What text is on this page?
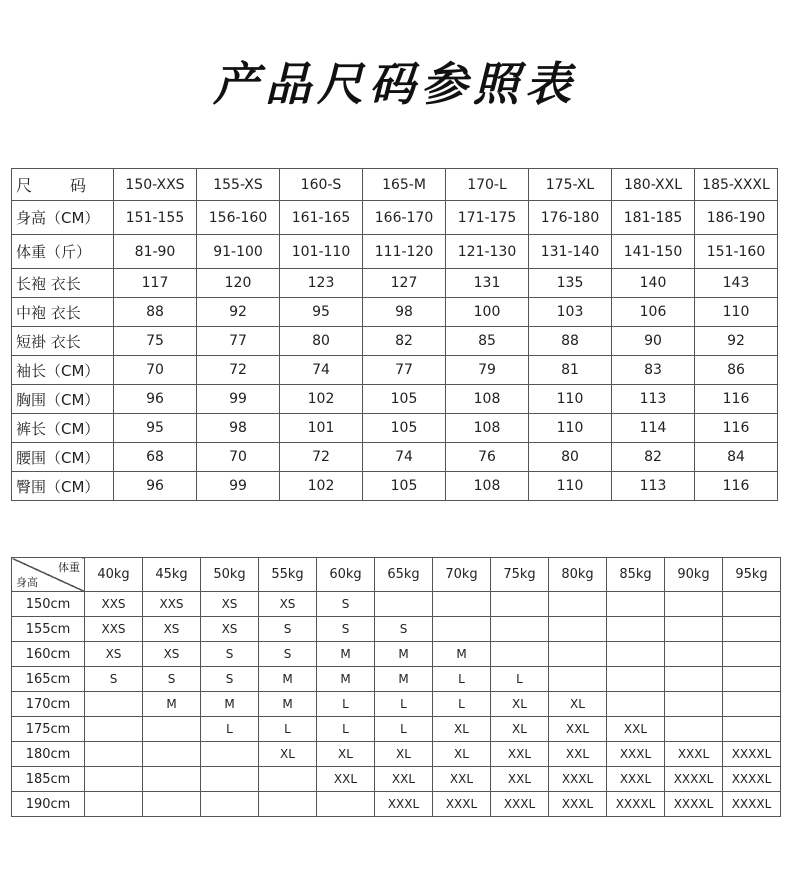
产品尺码参照表
尺　　码	150-XXS	155-XS	160-S	165-M	170-L	175-XL	180-XXL	185-XXXL
身高（CM）	151-155	156-160	161-165	166-170	171-175	176-180	181-185	186-190
体重（斤）	81-90	91-100	101-110	111-120	121-130	131-140	141-150	151-160
长袍 衣长	117	120	123	127	131	135	140	143
中袍 衣长	88	92	95	98	100	103	106	110
短褂 衣长	75	77	80	82	85	88	90	92
袖长（CM）	70	72	74	77	79	81	83	86
胸围（CM）	96	99	102	105	108	110	113	116
裤长（CM）	95	98	101	105	108	110	114	116
腰围（CM）	68	70	72	74	76	80	82	84
臀围（CM）	96	99	102	105	108	110	113	116
体重
身高	40kg	45kg	50kg	55kg	60kg	65kg	70kg	75kg	80kg	85kg	90kg	95kg
150cm	XXS	XXS	XS	XS	S							
155cm	XXS	XS	XS	S	S	S						
160cm	XS	XS	S	S	M	M	M					
165cm	S	S	S	M	M	M	L	L				
170cm		M	M	M	L	L	L	XL	XL			
175cm			L	L	L	L	XL	XL	XXL	XXL		
180cm				XL	XL	XL	XL	XXL	XXL	XXXL	XXXL	XXXXL
185cm					XXL	XXL	XXL	XXL	XXXL	XXXL	XXXXL	XXXXL
190cm						XXXL	XXXL	XXXL	XXXL	XXXXL	XXXXL	XXXXL
